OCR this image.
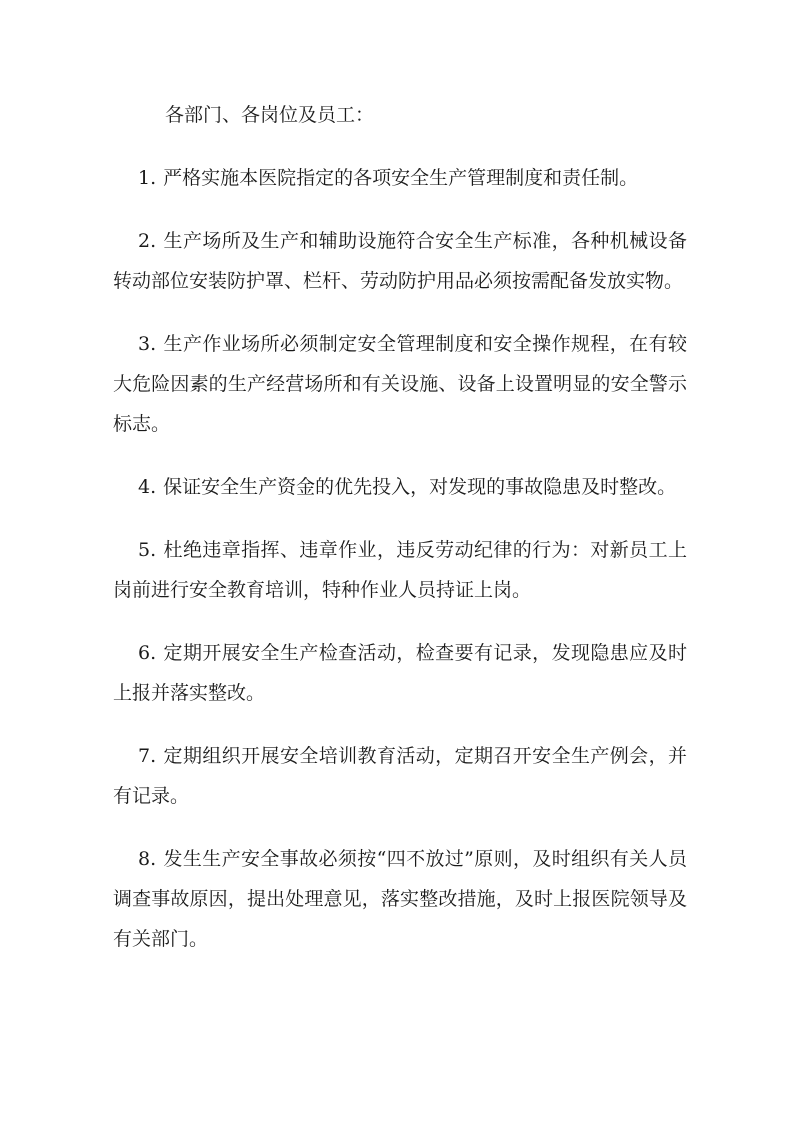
各部门、各岗位及员工：

1. 严格实施本医院指定的各项安全生产管理制度和责任制。

2. 生产场所及生产和辅助设施符合安全生产标准，各种机械设备转动部位安装防护罩、栏杆、劳动防护用品必须按需配备发放实物。

3. 生产作业场所必须制定安全管理制度和安全操作规程，在有较大危险因素的生产经营场所和有关设施、设备上设置明显的安全警示标志。

4. 保证安全生产资金的优先投入，对发现的事故隐患及时整改。

5. 杜绝违章指挥、违章作业，违反劳动纪律的行为：对新员工上岗前进行安全教育培训，特种作业人员持证上岗。

6. 定期开展安全生产检查活动，检查要有记录，发现隐患应及时上报并落实整改。

7. 定期组织开展安全培训教育活动，定期召开安全生产例会，并有记录。

8. 发生生产安全事故必须按“四不放过”原则，及时组织有关人员调查事故原因，提出处理意见，落实整改措施，及时上报医院领导及有关部门。
